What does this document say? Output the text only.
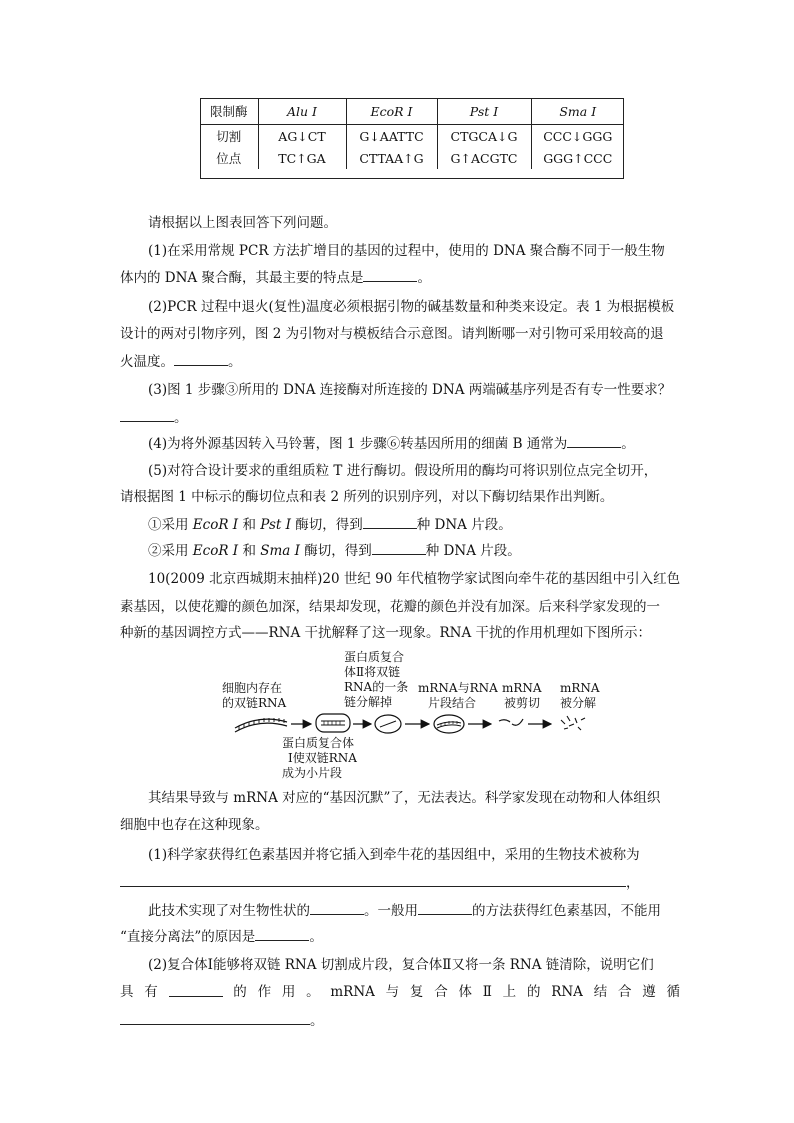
限制酶	Alu Ⅰ	EcoR Ⅰ	Pst Ⅰ	Sma Ⅰ
切割	AG↓CT	G↓AATTC	CTGCA↓G	CCC↓GGG
位点	TC↑GA	CTTAA↑G	G↑ACGTC	GGG↑CCC
请根据以上图表回答下列问题。
(1)在采用常规 PCR 方法扩增目的基因的过程中，使用的 DNA 聚合酶不同于一般生物
体内的 DNA 聚合酶，其最主要的特点是	。
(2)PCR 过程中退火(复性)温度必须根据引物的碱基数量和种类来设定。表 1 为根据模板
设计的两对引物序列，图 2 为引物对与模板结合示意图。请判断哪一对引物可采用较高的退
火温度。	。
(3)图 1 步骤③所用的 DNA 连接酶对所连接的 DNA 两端碱基序列是否有专一性要求？
。
(4)为将外源基因转入马铃薯，图 1 步骤⑥转基因所用的细菌 B 通常为	。
(5)对符合设计要求的重组质粒 T 进行酶切。假设所用的酶均可将识别位点完全切开，
请根据图 1 中标示的酶切位点和表 2 所列的识别序列，对以下酶切结果作出判断。
①采用 EcoR Ⅰ 和 Pst Ⅰ 酶切，得到	种 DNA 片段。
②采用 EcoR Ⅰ 和 Sma Ⅰ 酶切，得到	种 DNA 片段。
10(2009 北京西城期末抽样)20 世纪 90 年代植物学家试图向牵牛花的基因组中引入红色
素基因，以使花瓣的颜色加深，结果却发现，花瓣的颜色并没有加深。后来科学家发现的一
种新的基因调控方式——RNA 干扰解释了这一现象。RNA 干扰的作用机理如下图所示：
细胞内存在
的双链RNA
蛋白质复合
体Ⅱ将双链
RNA的一条
链分解掉
mRNA与RNA
片段结合
mRNA
被剪切
mRNA
被分解
蛋白质复合体
Ⅰ使双链RNA
成为小片段
其结果导致与 mRNA 对应的“基因沉默”了，无法表达。科学家发现在动物和人体组织
细胞中也存在这种现象。
(1)科学家获得红色素基因并将它插入到牵牛花的基因组中，采用的生物技术被称为
，
此技术实现了对生物性状的	。一般用	的方法获得红色素基因，不能用
“直接分离法”的原因是	。
(2)复合体Ⅰ能够将双链 RNA 切割成片段，复合体Ⅱ又将一条 RNA 链清除，说明它们
具 有	的 作 用 。 mRNA 与 复 合 体 Ⅱ 上 的 RNA 结 合 遵 循
。
